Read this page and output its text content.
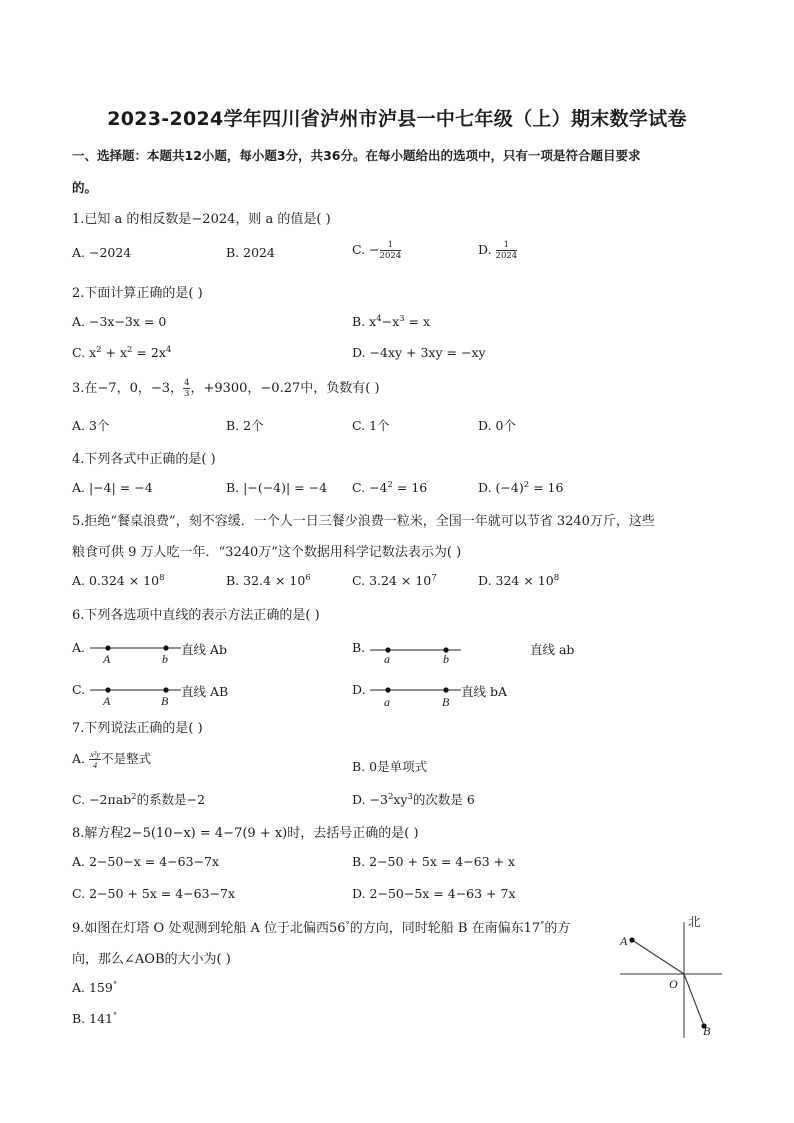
2023-2024学年四川省泸州市泸县一中七年级（上）期末数学试卷
一、选择题：本题共12小题，每小题3分，共36分。在每小题给出的选项中，只有一项是符合题目要求
的。
1.已知 a 的相反数是−2024，则 a 的值是( )
A. −2024	B. 2024	C. − $\frac{1}{2024}$	D. $\frac{1}{2024}$
2.下面计算正确的是( )
A. −3x−3x = 0	B. $x^4-x^3 = x$
C. $x^2 + x^2 = 2x^4$	D. −4xy + 3xy = −xy
3.在−7，0，−3， $\frac{4}{3}$ ，+9300，−0.27中，负数有( )
A. 3个	B. 2个	C. 1个	D. 0个
4.下列各式中正确的是( )
A. |−4| = −4	B. |−(−4)| = −4 C. $-4^2 = 16$	D. $(-4)^2 = 16$
5.拒绝“餐桌浪费”，刻不容缓．一个人一日三餐少浪费一粒米，全国一年就可以节省 3240万斤，这些
粮食可供 9 万人吃一年．“3240万”这个数据用科学记数法表示为( )
A. $0.324 \times 10^8$	B. $32.4 \times 10^6$	C. $3.24 \times 10^7$	D. $324 \times 10^8$
6.下列各选项中直线的表示方法正确的是( )
A.
A	b
直线 Ab	B.
a	b
直线 ab
C.
A	B
直线 AB	D.
a	B
直线 bA
7.下列说法正确的是( )
A. $\frac{\text{x²y}}{4}$ 不是整式
B. 0是单项式
C. −2πab$^2$的系数是−2	D. $-3^2xy^3$的次数是 6
8.解方程2−5(10−x) = 4−7(9 + x)时，去括号正确的是( )
A. 2−50−x = 4−63−7x	B. 2−50 + 5x = 4−63 + x
C. 2−50 + 5x = 4−63−7x	D. 2−50−5x = 4−63 + 7x
9.如图在灯塔 O 处观测到轮船 A 位于北偏西56°的方向，同时轮船 B 在南偏东17°的方
向，那么∠AOB的大小为( )
A. 159°
B. 141°
北
A
O
B
